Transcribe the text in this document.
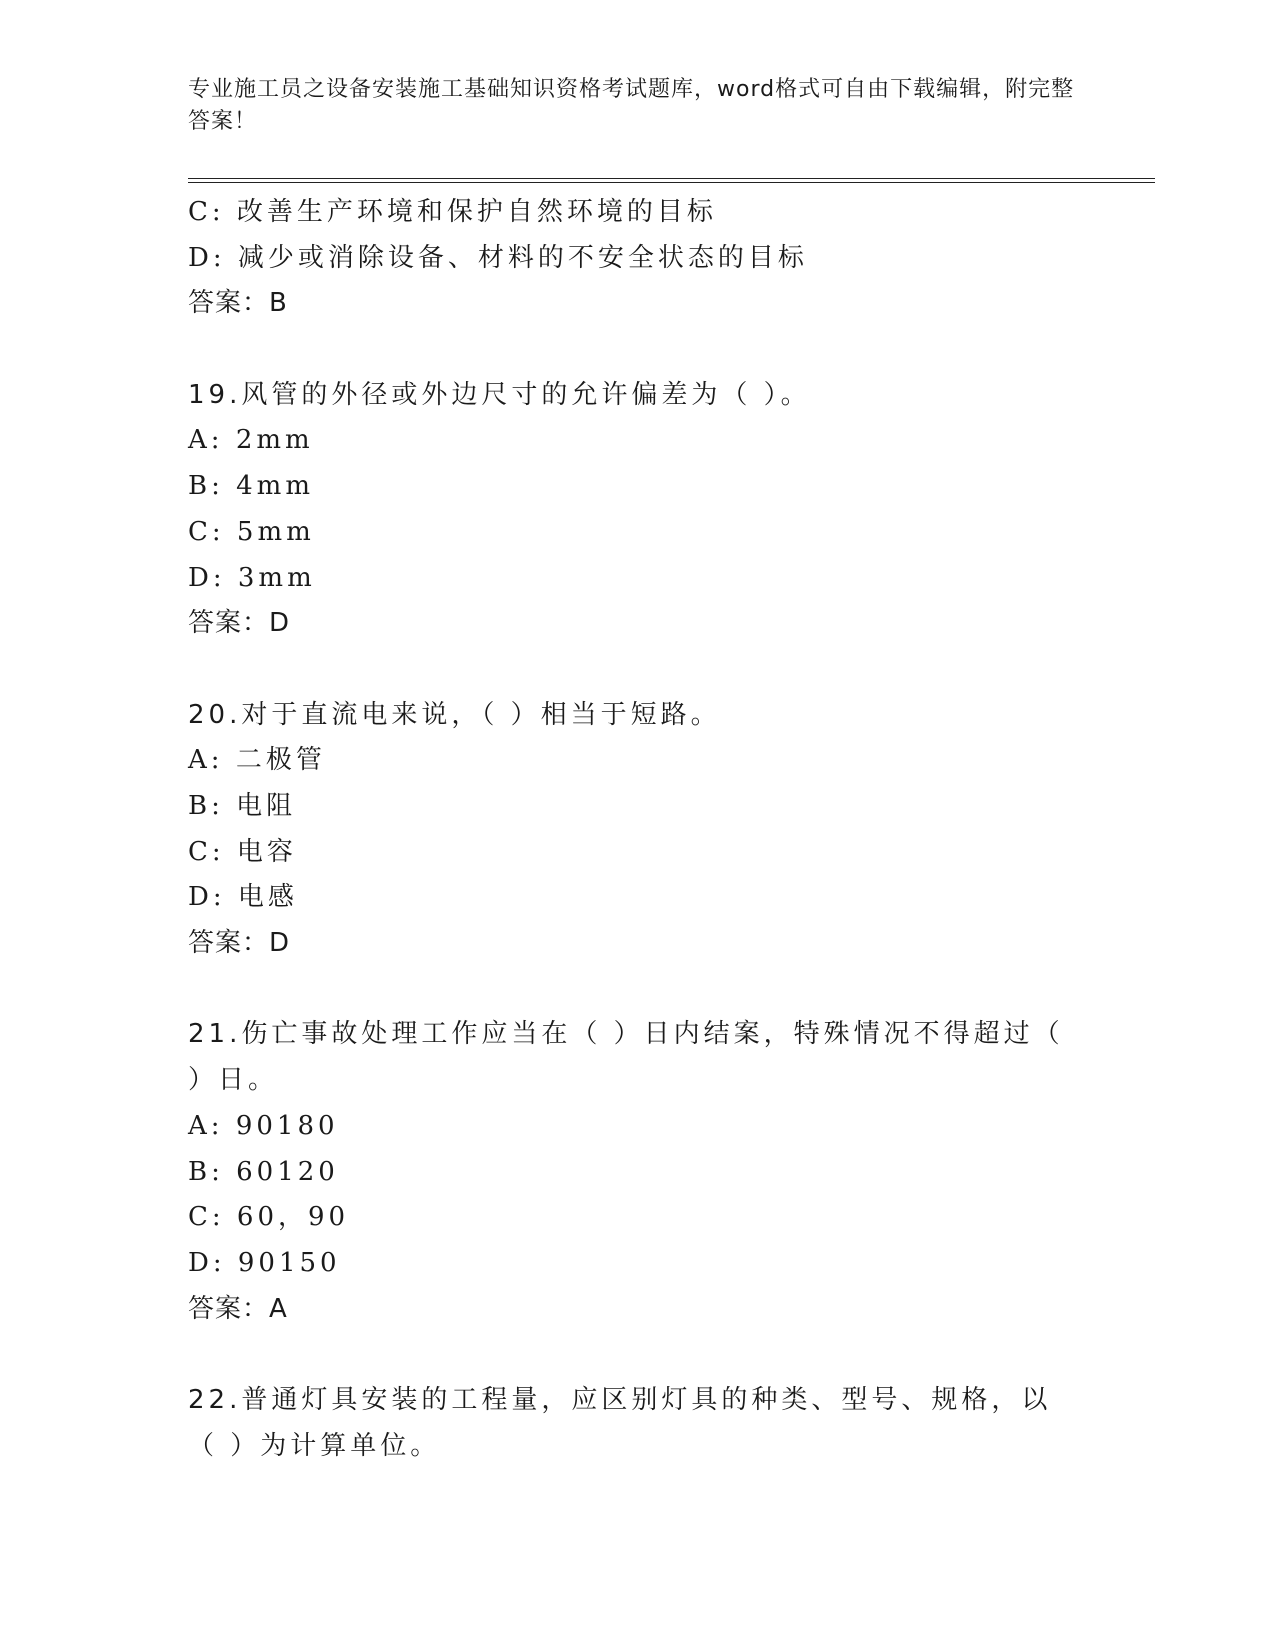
专业施工员之设备安装施工基础知识资格考试题库，word格式可自由下载编辑，附完整答案！
C: 改善生产环境和保护自然环境的目标
D: 减少或消除设备、材料的不安全状态的目标
答案：B
19.风管的外径或外边尺寸的允许偏差为（ ）。
A: 2mm
B: 4mm
C: 5mm
D: 3mm
答案：D
20.对于直流电来说，（ ）相当于短路。
A: 二极管
B: 电阻
C: 电容
D: 电感
答案：D
21.伤亡事故处理工作应当在（ ）日内结案，特殊情况不得超过（ ）日。
A: 90180
B: 60120
C: 60，90
D: 90150
答案：A
22.普通灯具安装的工程量，应区别灯具的种类、型号、规格，以（ ）为计算单位。
